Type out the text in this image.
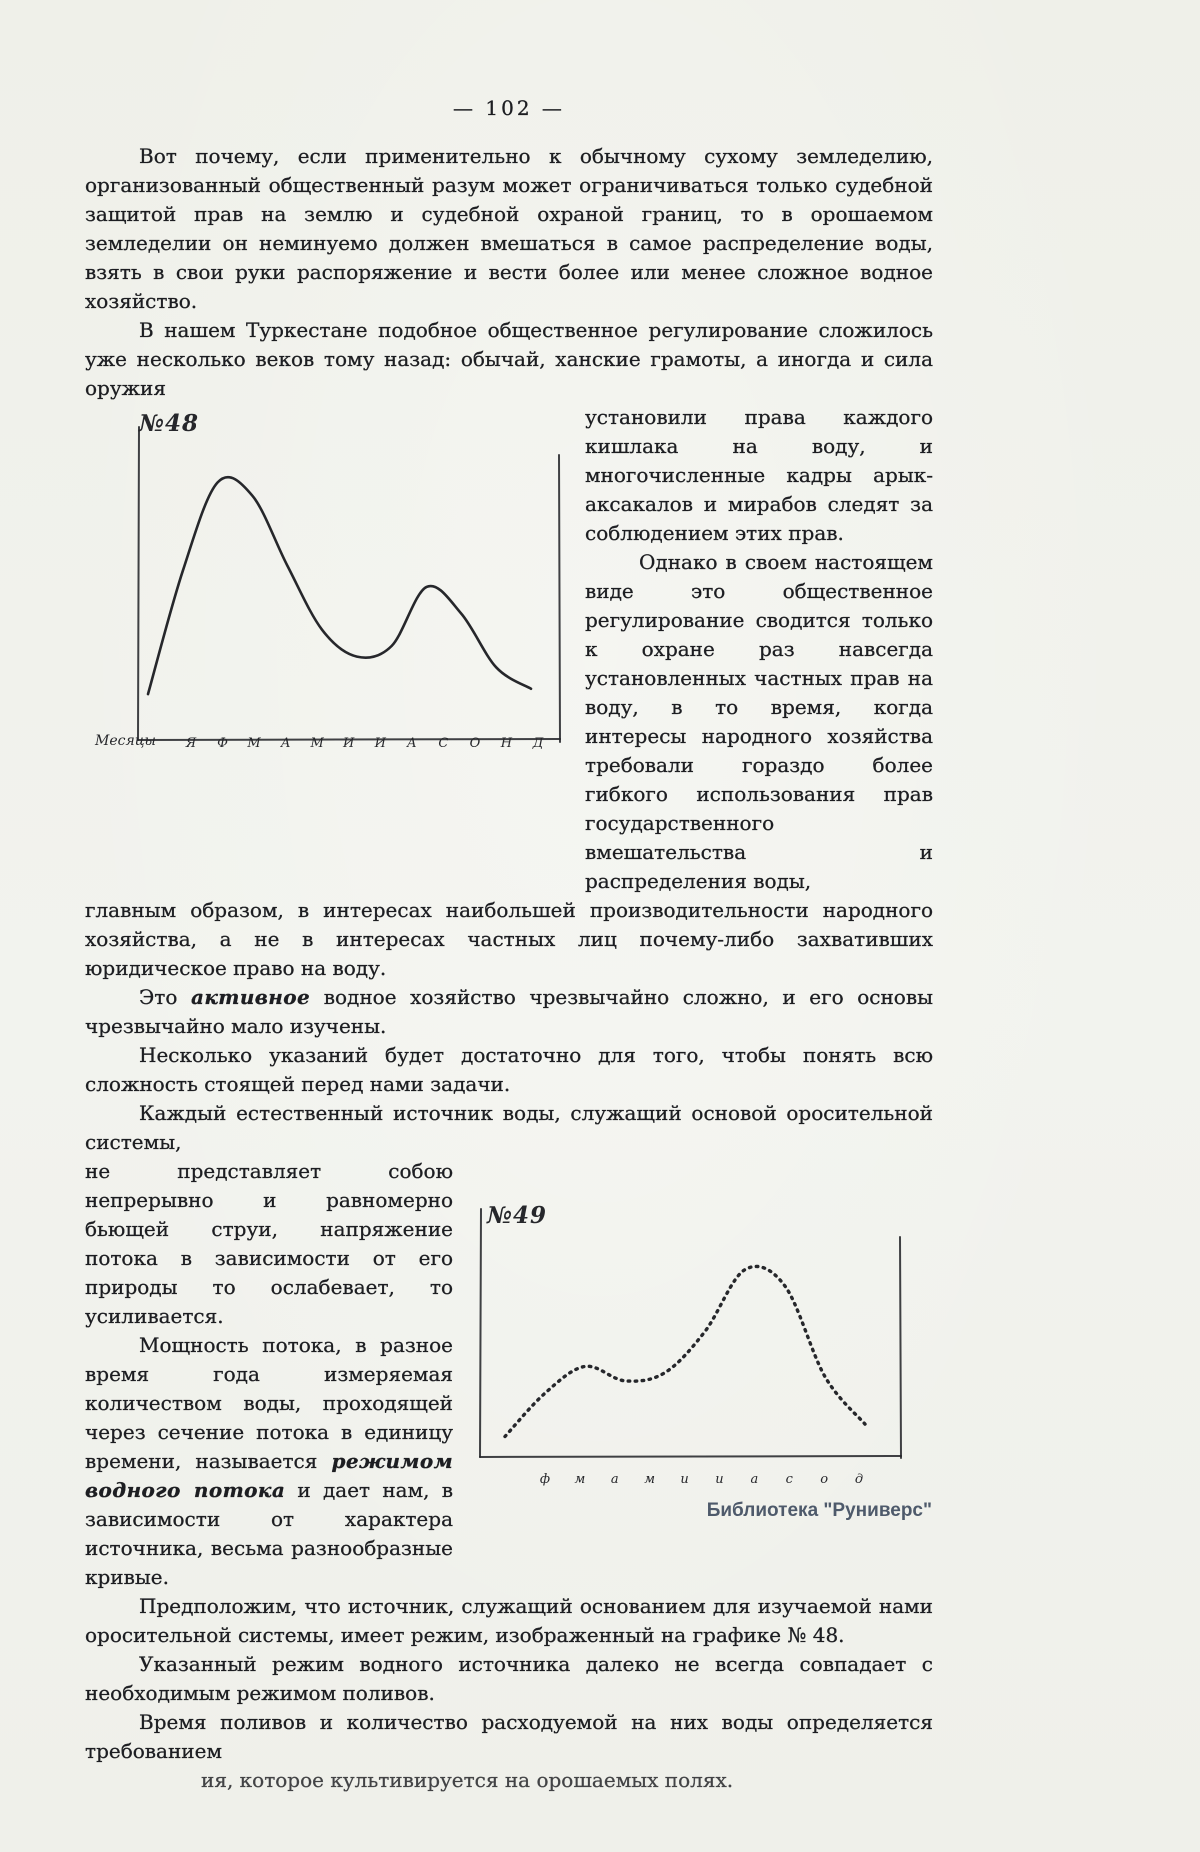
— 102 —

Вот почему, если применительно к обычному сухому земледелию, организованный общественный разум может ограничиваться только судебной защитой прав на землю и судебной охраной границ, то в орошаемом земледелии он неминуемо должен вмешаться в самое распределение воды, взять в свои руки распоряжение и вести более или менее сложное водное хозяйство.

В нашем Туркестане подобное общественное регулирование сложилось уже несколько веков тому назад: обычай, ханские грамоты, а иногда и сила оружия

№48
Месяцы Я Ф М А М И И А С О Н Д

установили права каждого кишлака на воду, и многочисленные кадры арык-аксакалов и мирабов следят за соблюдением этих прав.

Однако в своем настоящем виде это общественное регулирование сводится только к охране раз навсегда установленных частных прав на воду, в то время, когда интересы народного хозяйства требовали гораздо более гибкого использования прав государственного вмешательства и распределения воды,

главным образом, в интересах наибольшей производительности народного хозяйства, а не в интересах частных лиц почему-либо захвативших юридическое право на воду.

Это активное водное хозяйство чрезвычайно сложно, и его основы чрезвычайно мало изучены.

Несколько указаний будет достаточно для того, чтобы понять всю сложность стоящей перед нами задачи.

Каждый естественный источник воды, служащий основой оросительной системы,

не представляет собою непрерывно и равномерно бьющей струи, напряжение потока в зависимости от его природы то ослабевает, то усиливается.

Мощность потока, в разное время года измеряемая количеством воды, проходящей через сечение потока в единицу времени, называется режимом водного потока и дает нам, в зависимости от характера источника, весьма разнообразные кривые.

№49
ф м а м и и а с о д

Предположим, что источник, служащий основанием для изучаемой нами оросительной системы, имеет режим, изображенный на графике № 48.

Указанный режим водного источника далеко не всегда совпадает с необходимым режимом поливов.

Время поливов и количество расходуемой на них воды определяется требованием

ия, которое культивируется на орошаемых полях.

Библиотека "Руниверс"
